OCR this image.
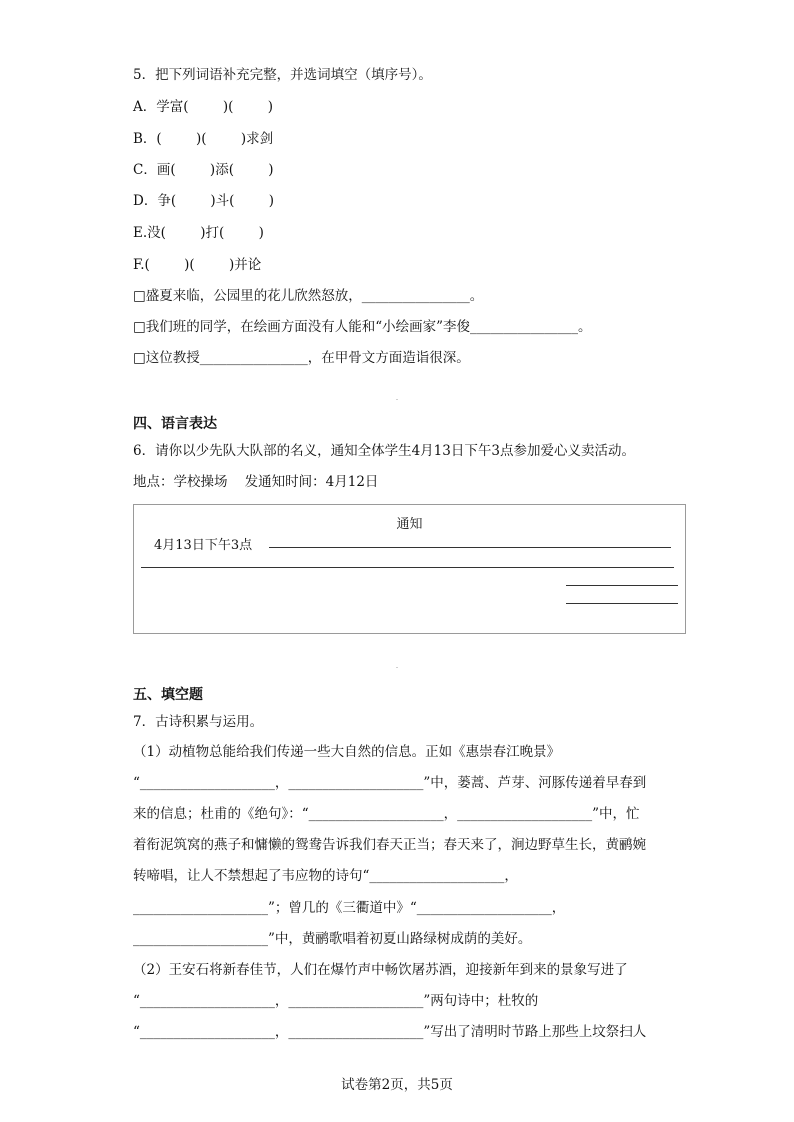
5．把下列词语补充完整，并选词填空（填序号）。
A．学富(        )(        )
B．(        )(        )求剑
C．画(        )添(        )
D．争(        )斗(        )
E.没(        )打(        )
F.(        )(        )并论
□盛夏来临，公园里的花儿欣然怒放，________________。
□我们班的同学，在绘画方面没有人能和“小绘画家”李俊________________。
□这位教授________________，在甲骨文方面造诣很深。
四、语言表达
6．请你以少先队大队部的名义，通知全体学生4月13日下午3点参加爱心义卖活动。
地点：学校操场    发通知时间：4月12日
通知
4月13日下午3点
五、填空题
7．古诗积累与运用。
（1）动植物总能给我们传递一些大自然的信息。正如《惠崇春江晚景》
“____________________，____________________”中，蒌蒿、芦芽、河豚传递着早春到
来的信息；杜甫的《绝句》：“____________________，____________________”中，忙
着衔泥筑窝的燕子和慵懒的鸳鸯告诉我们春天正当；春天来了，涧边野草生长，黄鹂婉
转啼唱，让人不禁想起了韦应物的诗句“____________________，
____________________”；曾几的《三衢道中》“____________________，
____________________”中，黄鹂歌唱着初夏山路绿树成荫的美好。
（2）王安石将新春佳节，人们在爆竹声中畅饮屠苏酒，迎接新年到来的景象写进了
“____________________，____________________”两句诗中；杜牧的
“____________________，____________________”写出了清明时节路上那些上坟祭扫人
试卷第2页，共5页
